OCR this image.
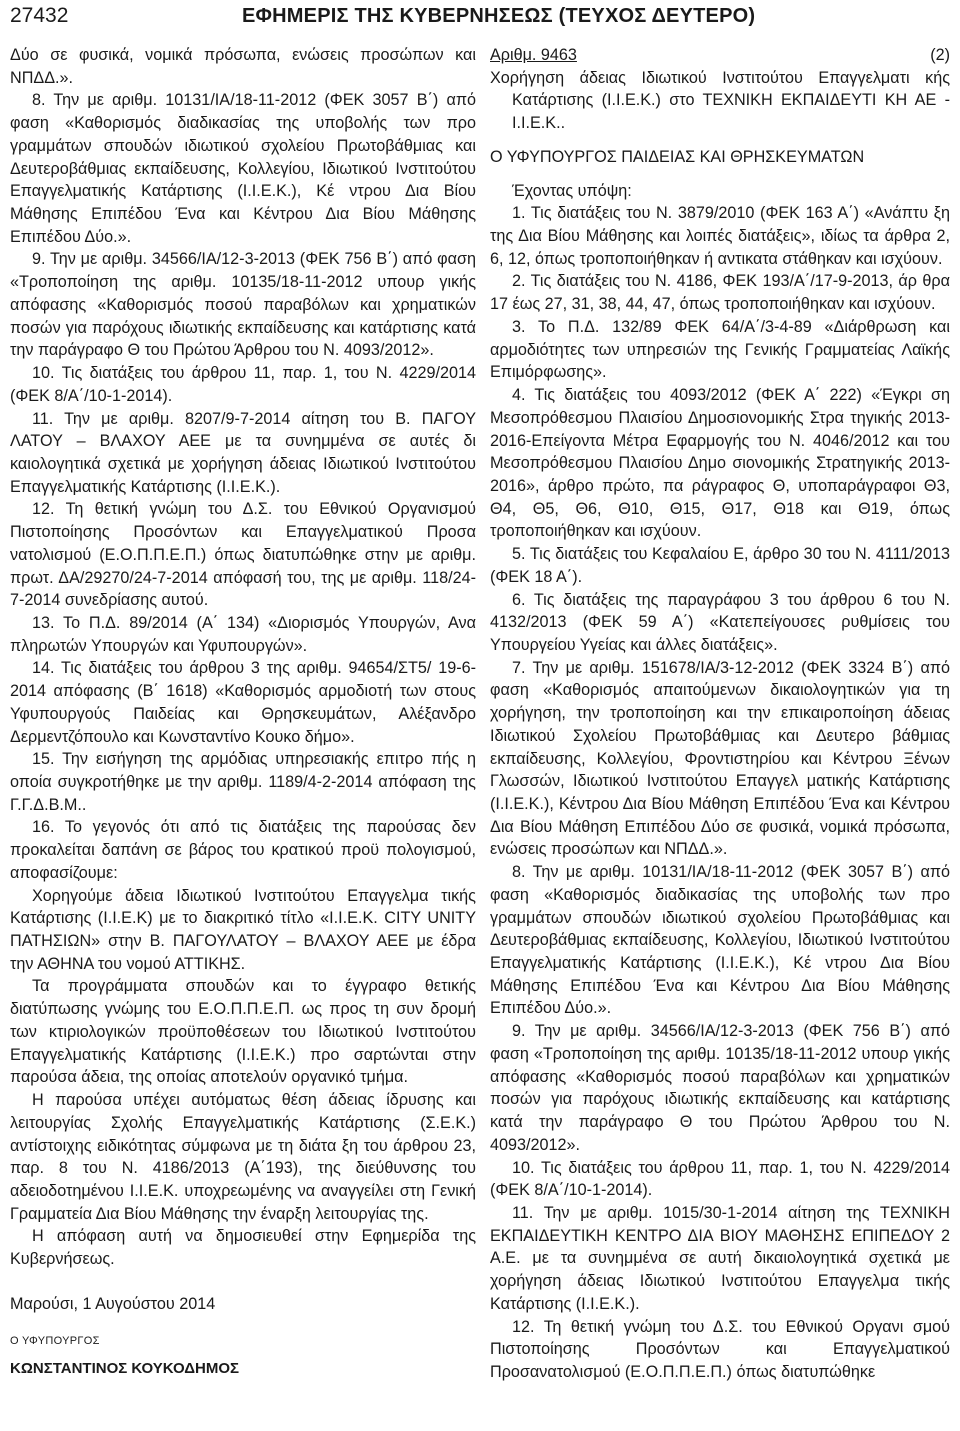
27432	ΕΦΗΜΕΡΙΣ ΤΗΣ ΚΥΒΕΡΝΗΣΕΩΣ (ΤΕΥΧΟΣ ΔΕΥΤΕΡΟ)

Δύο σε φυσικά, νομικά πρόσωπα, ενώσεις προσώπων και ΝΠΔΔ.».

8. Την με αριθμ. 10131/ΙΑ/18-11-2012 (ΦΕΚ 3057 Β΄) από φαση «Καθορισμός διαδικασίας της υποβολής των προ γραμμάτων σπουδών ιδιωτικού σχολείου Πρωτοβάθμιας και Δευτεροβάθμιας εκπαίδευσης, Κολλεγίου, Ιδιωτικού Ινστιτούτου Επαγγελματικής Κατάρτισης (Ι.Ι.Ε.Κ.), Κέ ντρου Δια Βίου Μάθησης Επιπέδου Ένα και Κέντρου Δια Βίου Μάθησης Επιπέδου Δύο.».

9. Την με αριθμ. 34566/ΙΑ/12-3-2013 (ΦΕΚ 756 Β΄) από φαση «Τροποποίηση της αριθμ. 10135/18-11-2012 υπουρ γικής απόφασης «Καθορισμός ποσού παραβόλων και χρηματικών ποσών για παρόχους ιδιωτικής εκπαίδευσης και κατάρτισης κατά την παράγραφο Θ του Πρώτου Άρθρου του Ν. 4093/2012».

10. Τις διατάξεις του άρθρου 11, παρ. 1, του Ν. 4229/2014 (ΦΕΚ 8/Α΄/10-1-2014).

11. Την με αριθμ. 8207/9-7-2014 αίτηση του Β. ΠΑΓΟΥ ΛΑΤΟΥ – ΒΛΑΧΟΥ ΑΕΕ με τα συνημμένα σε αυτές δι καιολογητικά σχετικά με χορήγηση άδειας Ιδιωτικού Ινστιτούτου Επαγγελματικής Κατάρτισης (Ι.Ι.Ε.Κ.).

12. Τη θετική γνώμη του Δ.Σ. του Εθνικού Οργανισμού Πιστοποίησης Προσόντων και Επαγγελματικού Προσα νατολισμού (Ε.Ο.Π.Π.Ε.Π.) όπως διατυπώθηκε στην με αριθμ. πρωτ. ΔΑ/29270/24-7-2014 απόφασή του, της με αριθμ. 118/24-7-2014 συνεδρίασης αυτού.

13. Το Π.Δ. 89/2014 (Α΄ 134) «Διορισμός Υπουργών, Ανα πληρωτών Υπουργών και Υφυπουργών».

14. Τις διατάξεις του άρθρου 3 της αριθμ. 94654/ΣΤ5/ 19-6-2014 απόφασης (Β΄ 1618) «Καθορισμός αρμοδιοτή των στους Υφυπουργούς Παιδείας και Θρησκευμάτων, Αλέξανδρο Δερμεντζόπουλο και Κωνσταντίνο Κουκο δήμο».

15. Την εισήγηση της αρμόδιας υπηρεσιακής επιτρο πής η οποία συγκροτήθηκε με την αριθμ. 1189/4-2-2014 απόφαση της Γ.Γ.Δ.Β.Μ..

16. Το γεγονός ότι από τις διατάξεις της παρούσας δεν προκαλείται δαπάνη σε βάρος του κρατικού προϋ πολογισμού, αποφασίζουμε:

Χορηγούμε άδεια Ιδιωτικού Ινστιτούτου Επαγγελμα τικής Κατάρτισης (Ι.Ι.Ε.Κ) με το διακριτικό τίτλο «Ι.Ι.Ε.Κ. CITY UNITY ΠΑΤΗΣΙΩΝ» στην Β. ΠΑΓΟΥΛΑΤΟΥ – ΒΛΑΧΟΥ ΑΕΕ με έδρα την ΑΘΗΝΑ του νομού ΑΤΤΙΚΗΣ.

Τα προγράμματα σπουδών και το έγγραφο θετικής διατύπωσης γνώμης του Ε.Ο.Π.Π.Ε.Π. ως προς τη συν δρομή των κτιριολογικών προϋποθέσεων του Ιδιωτικού Ινστιτούτου Επαγγελματικής Κατάρτισης (Ι.Ι.Ε.Κ.) προ σαρτώνται στην παρούσα άδεια, της οποίας αποτελούν οργανικό τμήμα.

Η παρούσα υπέχει αυτόματως θέση άδειας ίδρυσης και λειτουργίας Σχολής Επαγγελματικής Κατάρτισης (Σ.Ε.Κ.) αντίστοιχης ειδικότητας σύμφωνα με τη διάτα ξη του άρθρου 23, παρ. 8 του Ν. 4186/2013 (Α΄193), της διεύθυνσης του αδειοδοτημένου Ι.Ι.Ε.Κ. υποχρεωμένης να αναγγείλει στη Γενική Γραμματεία Δια Βίου Μάθησης την έναρξη λειτουργίας της.

Η απόφαση αυτή να δημοσιευθεί στην Εφημερίδα της Κυβερνήσεως.

Μαρούσι, 1 Αυγούστου 2014

Ο ΥΦΥΠΟΥΡΓΟΣ

ΚΩΝΣΤΑΝΤΙΝΟΣ ΚΟΥΚΟΔΗΜΟΣ

Αριθμ. 9463	(2)

Χορήγηση άδειας Ιδιωτικού Ινστιτούτου Επαγγελματι κής Κατάρτισης (Ι.Ι.Ε.Κ.) στο ΤΕΧΝΙΚΗ ΕΚΠΑΙΔΕΥΤΙ ΚΗ ΑΕ - Ι.Ι.Ε.Κ..

Ο ΥΦΥΠΟΥΡΓΟΣ ΠΑΙΔΕΙΑΣ ΚΑΙ ΘΡΗΣΚΕΥΜΑΤΩΝ

Έχοντας υπόψη:

1. Τις διατάξεις του Ν. 3879/2010 (ΦΕΚ 163 Α΄) «Ανάπτυ ξη της Δια Βίου Μάθησης και λοιπές διατάξεις», ιδίως τα άρθρα 2, 6, 12, όπως τροποποιήθηκαν ή αντικατα στάθηκαν και ισχύουν.

2. Τις διατάξεις του Ν. 4186, ΦΕΚ 193/Α΄/17-9-2013, άρ θρα 17 έως 27, 31, 38, 44, 47, όπως τροποποιήθηκαν και ισχύουν.

3. Το Π.Δ. 132/89 ΦΕΚ 64/Α΄/3-4-89 «Διάρθρωση και αρμοδιότητες των υπηρεσιών της Γενικής Γραμματείας Λαϊκής Επιμόρφωσης».

4. Τις διατάξεις του 4093/2012 (ΦΕΚ Α΄ 222) «Έγκρι ση Μεσοπρόθεσμου Πλαισίου Δημοσιονομικής Στρα τηγικής 2013-2016-Επείγοντα Μέτρα Εφαρμογής του Ν. 4046/2012 και του Μεσοπρόθεσμου Πλαισίου Δημο σιονομικής Στρατηγικής 2013-2016», άρθρο πρώτο, πα ράγραφος Θ, υποπαράγραφοι Θ3, Θ4, Θ5, Θ6, Θ10, Θ15, Θ17, Θ18 και Θ19, όπως τροποποιήθηκαν και ισχύουν.

5. Τις διατάξεις του Κεφαλαίου Ε, άρθρο 30 του Ν. 4111/2013 (ΦΕΚ 18 Α΄).

6. Τις διατάξεις της παραγράφου 3 του άρθρου 6 του Ν. 4132/2013 (ΦΕΚ 59 Α΄) «Κατεπείγουσες ρυθμίσεις του Υπουργείου Υγείας και άλλες διατάξεις».

7. Την με αριθμ. 151678/ΙΑ/3-12-2012 (ΦΕΚ 3324 Β΄) από φαση «Καθορισμός απαιτούμενων δικαιολογητικών για τη χορήγηση, την τροποποίηση και την επικαιροποίηση άδειας Ιδιωτικού Σχολείου Πρωτοβάθμιας και Δευτερο βάθμιας εκπαίδευσης, Κολλεγίου, Φροντιστηρίου και Κέντρου Ξένων Γλωσσών, Ιδιωτικού Ινστιτούτου Επαγγελ ματικής Κατάρτισης (Ι.Ι.Ε.Κ.), Κέντρου Δια Βίου Μάθηση Επιπέδου Ένα και Κέντρου Δια Βίου Μάθηση Επιπέδου Δύο σε φυσικά, νομικά πρόσωπα, ενώσεις προσώπων και ΝΠΔΔ.».

8. Την με αριθμ. 10131/ΙΑ/18-11-2012 (ΦΕΚ 3057 Β΄) από φαση «Καθορισμός διαδικασίας της υποβολής των προ γραμμάτων σπουδών ιδιωτικού σχολείου Πρωτοβάθμιας και Δευτεροβάθμιας εκπαίδευσης, Κολλεγίου, Ιδιωτικού Ινστιτούτου Επαγγελματικής Κατάρτισης (Ι.Ι.Ε.Κ.), Κέ ντρου Δια Βίου Μάθησης Επιπέδου Ένα και Κέντρου Δια Βίου Μάθησης Επιπέδου Δύο.».

9. Την με αριθμ. 34566/ΙΑ/12-3-2013 (ΦΕΚ 756 Β΄) από φαση «Τροποποίηση της αριθμ. 10135/18-11-2012 υπουρ γικής απόφασης «Καθορισμός ποσού παραβόλων και χρηματικών ποσών για παρόχους ιδιωτικής εκπαίδευσης και κατάρτισης κατά την παράγραφο Θ του Πρώτου Άρθρου του Ν. 4093/2012».

10. Τις διατάξεις του άρθρου 11, παρ. 1, του Ν. 4229/2014 (ΦΕΚ 8/Α΄/10-1-2014).

11. Την με αριθμ. 1015/30-1-2014 αίτηση της ΤΕΧΝΙΚΗ ΕΚΠΑΙΔΕΥΤΙΚΗ ΚΕΝΤΡΟ ΔΙΑ ΒΙΟΥ ΜΑΘΗΣΗΣ ΕΠΙΠΕΔΟΥ 2 Α.Ε. με τα συνημμένα σε αυτή δικαιολογητικά σχετικά με χορήγηση άδειας Ιδιωτικού Ινστιτούτου Επαγγελμα τικής Κατάρτισης (Ι.Ι.Ε.Κ.).

12. Τη θετική γνώμη του Δ.Σ. του Εθνικού Οργανι σμού Πιστοποίησης Προσόντων και Επαγγελματικού Προσανατολισμού (Ε.Ο.Π.Π.Ε.Π.) όπως διατυπώθηκε
